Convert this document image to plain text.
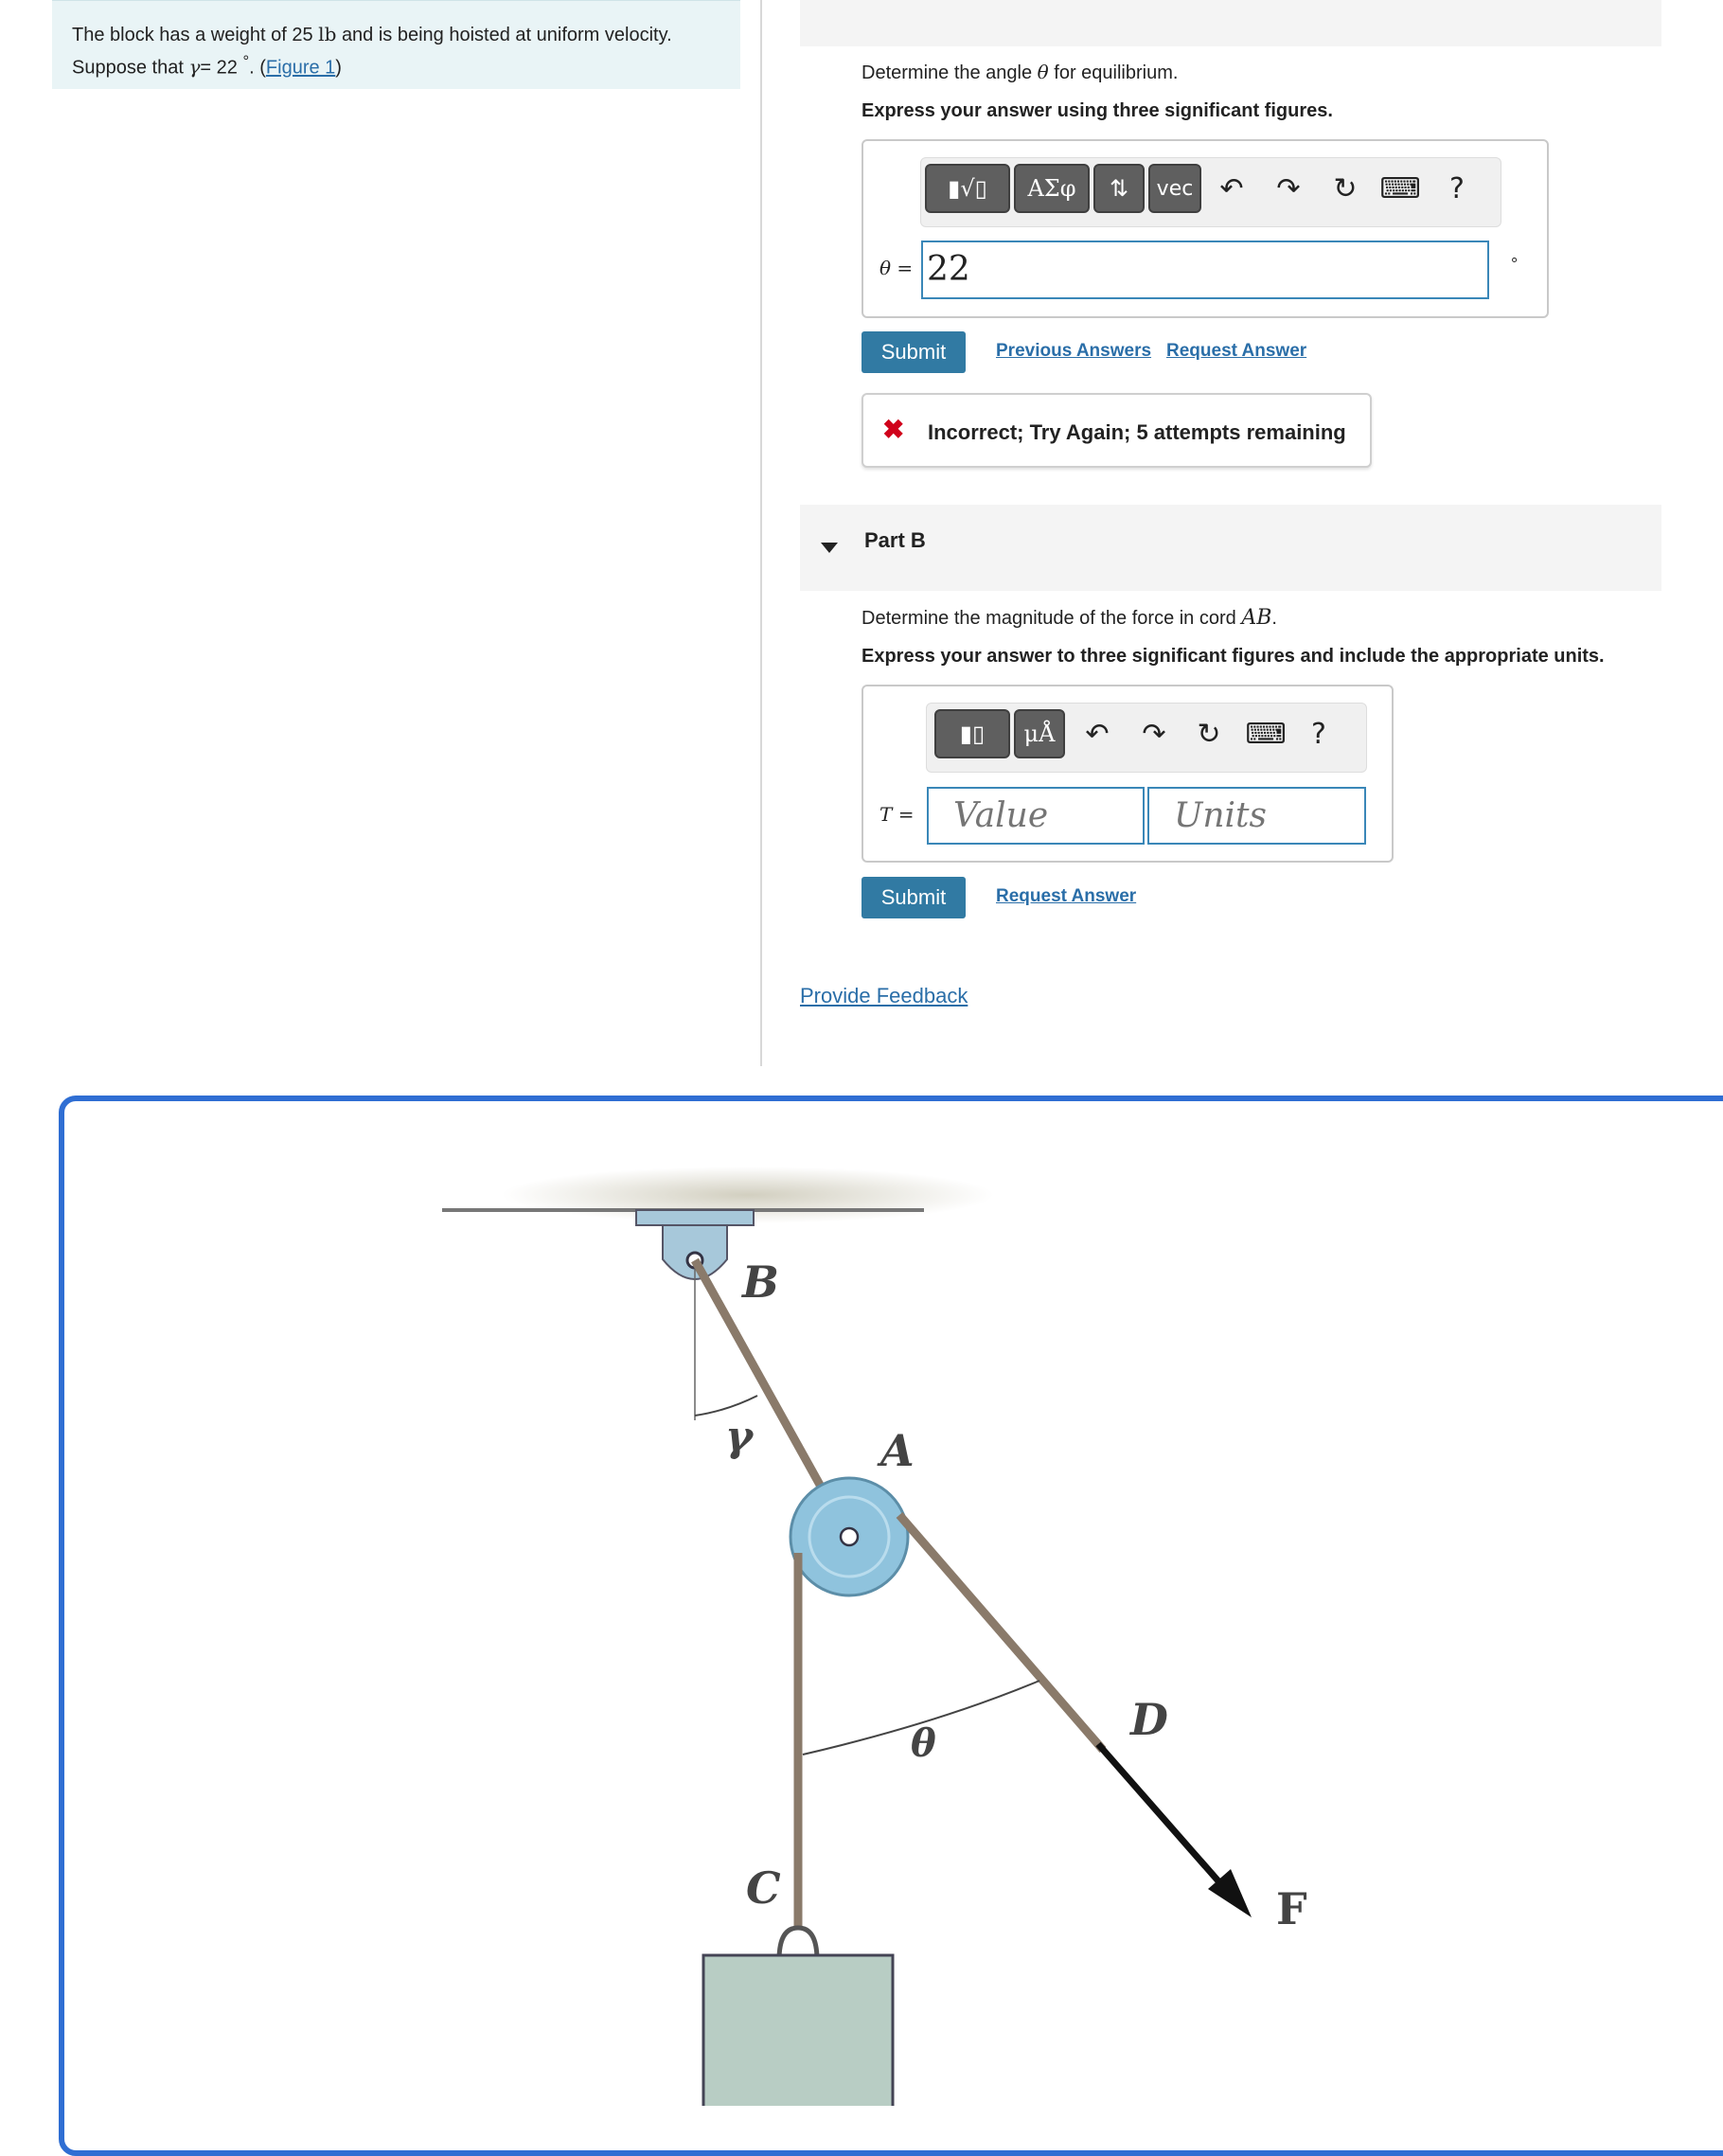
The block has a weight of 25 lb and is being hoisted at uniform velocity.
Suppose that γ= 22 °. (Figure 1)	Determine the angle θ for equilibrium.
Express your answer using three significant figures.
▮√▯	ΑΣφ	⇅	vec ↶ ↷ ↻ ⌨	?
θ = 22	°
Submit	Previous Answers Request Answer
✖ Incorrect; Try Again; 5 attempts remaining
Part B
Determine the magnitude of the force in cord AB.
Express your answer to three significant figures and include the appropriate units.
▮▯	μÅ	↶ ↷ ↻ ⌨ ?
T =
Value
Units
Submit	Request Answer
Provide Feedback
B
γ	A
θ	D
C	F
